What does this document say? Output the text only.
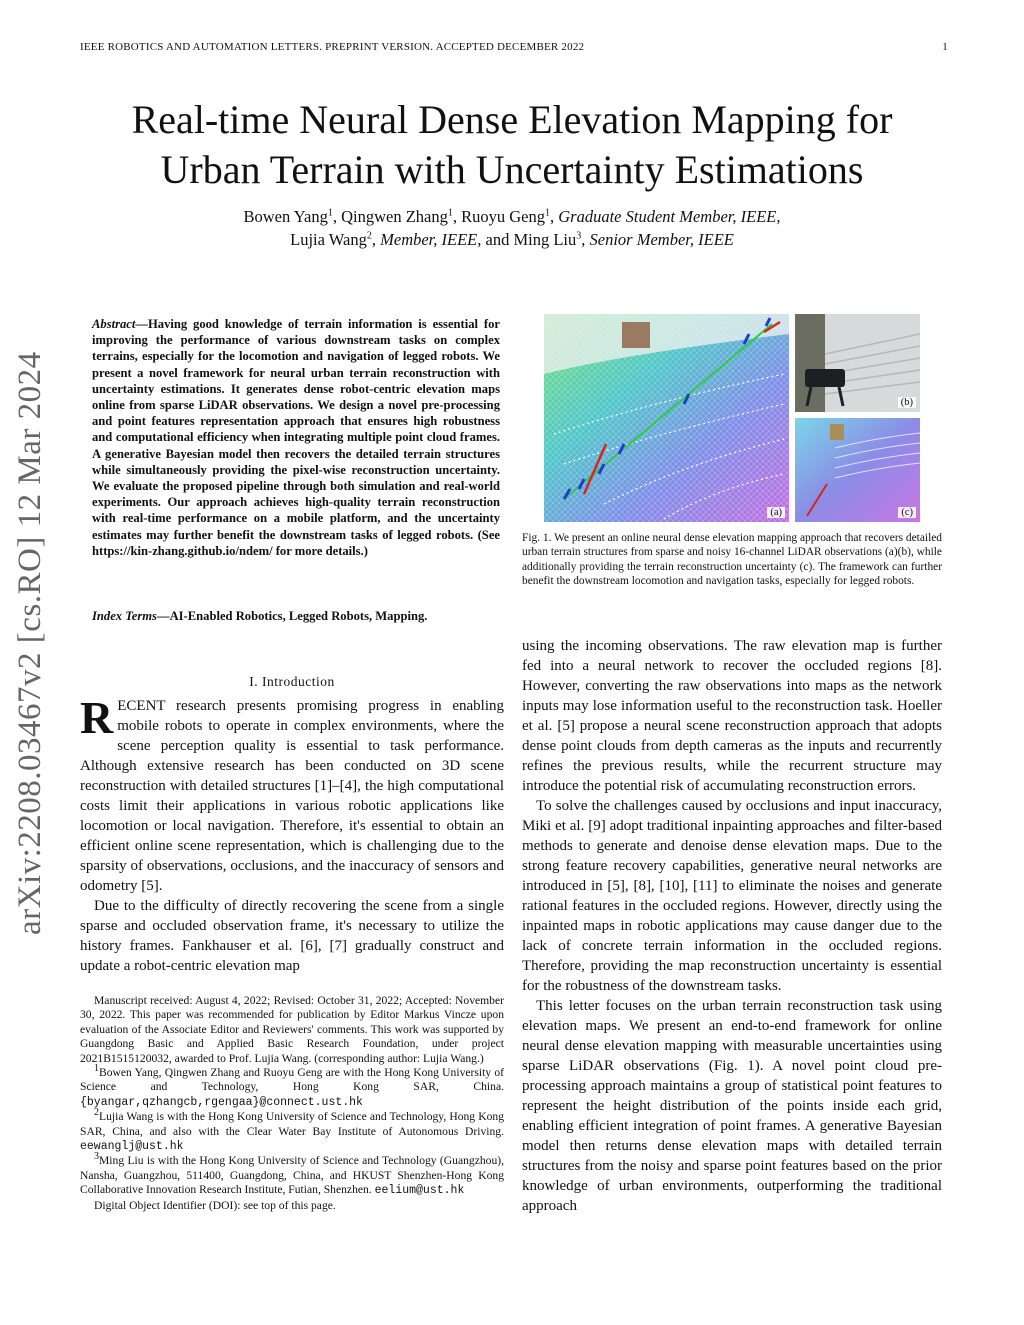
IEEE ROBOTICS AND AUTOMATION LETTERS. PREPRINT VERSION. ACCEPTED DECEMBER 2022	1
arXiv:2208.03467v2 [cs.RO] 12 Mar 2024
Real-time Neural Dense Elevation Mapping for
Urban Terrain with Uncertainty Estimations
Bowen Yang$^1$, Qingwen Zhang$^1$, Ruoyu Geng$^1$, Graduate Student Member, IEEE,
Lujia Wang$^2$, Member, IEEE, and Ming Liu$^3$, Senior Member, IEEE
Abstract—Having good knowledge of terrain information is essential for improving the performance of various downstream tasks on complex terrains, especially for the locomotion and navigation of legged robots. We present a novel framework for neural urban terrain reconstruction with uncertainty estimations. It generates dense robot-centric elevation maps online from sparse LiDAR observations. We design a novel pre-processing and point features representation approach that ensures high robustness and computational efficiency when integrating multiple point cloud frames. A generative Bayesian model then recovers the detailed terrain structures while simultaneously providing the pixel-wise reconstruction uncertainty. We evaluate the proposed pipeline through both simulation and real-world experiments. Our approach achieves high-quality terrain reconstruction with real-time performance on a mobile platform, and the uncertainty estimates may further benefit the downstream tasks of legged robots. (See https://kin-zhang.github.io/ndem/ for more details.)
Index Terms—AI-Enabled Robotics, Legged Robots, Mapping.
I. Introduction

RECENT research presents promising progress in enabling mobile robots to operate in complex environments, where the scene perception quality is essential to task performance. Although extensive research has been conducted on 3D scene reconstruction with detailed structures [1]–[4], the high computational costs limit their applications in various robotic applications like locomotion or local navigation. Therefore, it's essential to obtain an efficient online scene representation, which is challenging due to the sparsity of observations, occlusions, and the inaccuracy of sensors and odometry [5].

Due to the difficulty of directly recovering the scene from a single sparse and occluded observation frame, it's necessary to utilize the history frames. Fankhauser et al. [6], [7] gradually construct and update a robot-centric elevation map

Manuscript received: August 4, 2022; Revised: October 31, 2022; Accepted: November 30, 2022. This paper was recommended for publication by Editor Markus Vincze upon evaluation of the Associate Editor and Reviewers' comments. This work was supported by Guangdong Basic and Applied Basic Research Foundation, under project 2021B1515120032, awarded to Prof. Lujia Wang. (corresponding author: Lujia Wang.)

$^1$Bowen Yang, Qingwen Zhang and Ruoyu Geng are with the Hong Kong University of Science and Technology, Hong Kong SAR, China. {byangar,qzhangcb,rgengaa}@connect.ust.hk

$^2$Lujia Wang is with the Hong Kong University of Science and Technology, Hong Kong SAR, China, and also with the Clear Water Bay Institute of Autonomous Driving. eewanglj@ust.hk

$^3$Ming Liu is with the Hong Kong University of Science and Technology (Guangzhou), Nansha, Guangzhou, 511400, Guangdong, China, and HKUST Shenzhen-Hong Kong Collaborative Innovation Research Institute, Futian, Shenzhen. eelium@ust.hk

Digital Object Identifier (DOI): see top of this page.

(a)
(b)
(c)
Fig. 1. We present an online neural dense elevation mapping approach that recovers detailed urban terrain structures from sparse and noisy 16-channel LiDAR observations (a)(b), while additionally providing the terrain reconstruction uncertainty (c). The framework can further benefit the downstream locomotion and navigation tasks, especially for legged robots.

using the incoming observations. The raw elevation map is further fed into a neural network to recover the occluded regions [8]. However, converting the raw observations into maps as the network inputs may lose information useful to the reconstruction task. Hoeller et al. [5] propose a neural scene reconstruction approach that adopts dense point clouds from depth cameras as the inputs and recurrently refines the previous results, while the recurrent structure may introduce the potential risk of accumulating reconstruction errors.

To solve the challenges caused by occlusions and input inaccuracy, Miki et al. [9] adopt traditional inpainting approaches and filter-based methods to generate and denoise dense elevation maps. Due to the strong feature recovery capabilities, generative neural networks are introduced in [5], [8], [10], [11] to eliminate the noises and generate rational features in the occluded regions. However, directly using the inpainted maps in robotic applications may cause danger due to the lack of concrete terrain information in the occluded regions. Therefore, providing the map reconstruction uncertainty is essential for the robustness of the downstream tasks.

This letter focuses on the urban terrain reconstruction task using elevation maps. We present an end-to-end framework for online neural dense elevation mapping with measurable uncertainties using sparse LiDAR observations (Fig. 1). A novel point cloud pre-processing approach maintains a group of statistical point features to represent the height distribution of the points inside each grid, enabling efficient integration of point frames. A generative Bayesian model then returns dense elevation maps with detailed terrain structures from the noisy and sparse point features based on the prior knowledge of urban environments, outperforming the traditional approach
